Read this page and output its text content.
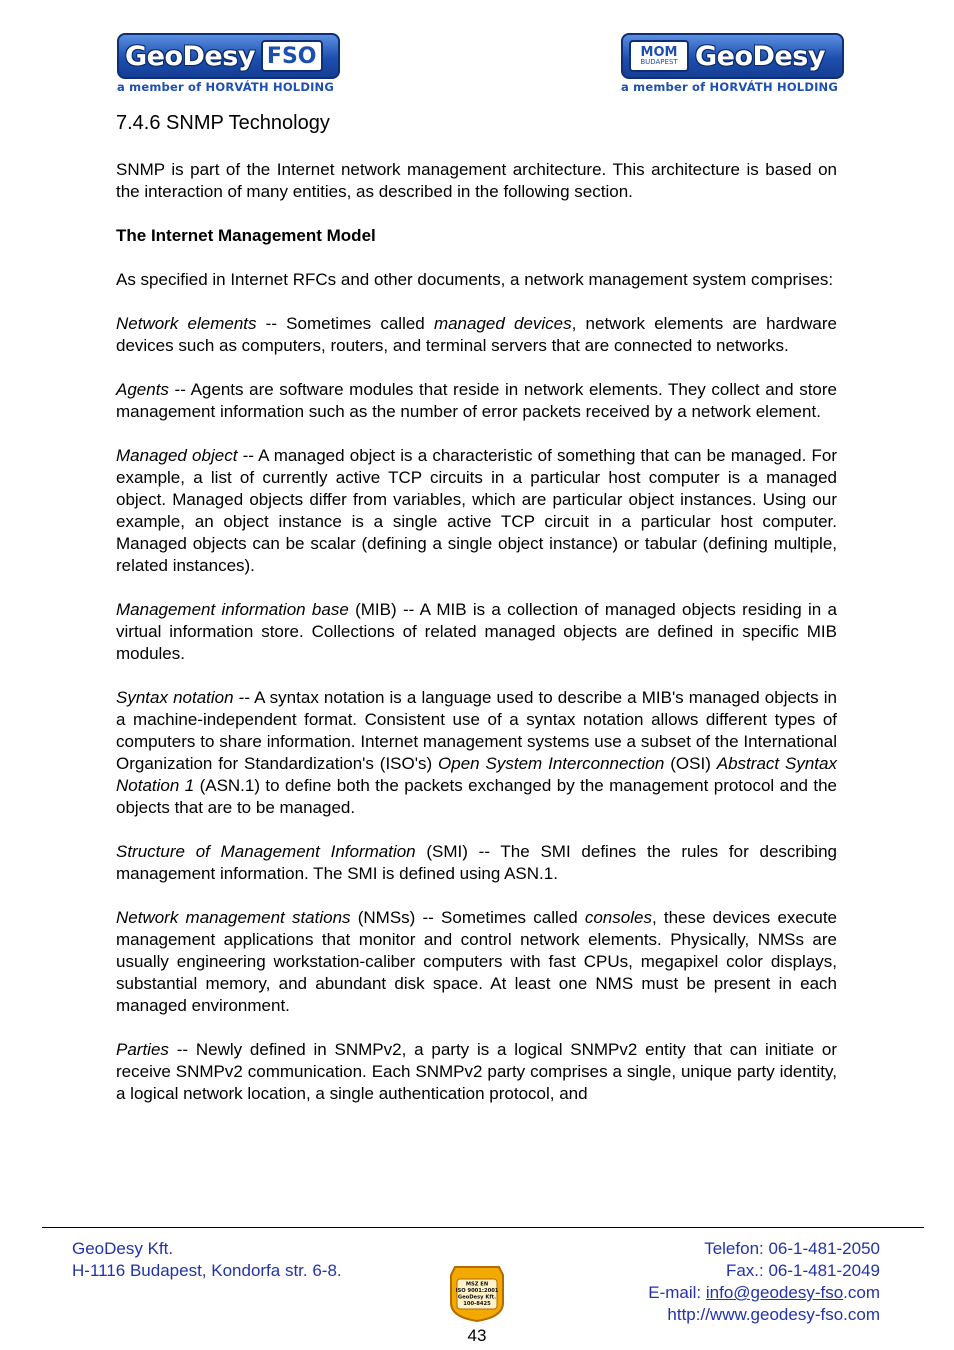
GeoDesy FSO
a member of HORVÁTH HOLDING
MOM
BUDAPEST GeoDesy
a member of HORVÁTH HOLDING
7.4.6 SNMP Technology

SNMP is part of the Internet network management architecture. This architecture is based on the interaction of many entities, as described in the following section.

The Internet Management Model

As specified in Internet RFCs and other documents, a network management system comprises:

Network elements -- Sometimes called managed devices, network elements are hardware devices such as computers, routers, and terminal servers that are connected to networks.

Agents -- Agents are software modules that reside in network elements. They collect and store management information such as the number of error packets received by a network element.

Managed object -- A managed object is a characteristic of something that can be managed. For example, a list of currently active TCP circuits in a particular host computer is a managed object. Managed objects differ from variables, which are particular object instances. Using our example, an object instance is a single active TCP circuit in a particular host computer. Managed objects can be scalar (defining a single object instance) or tabular (defining multiple, related instances).

Management information base (MIB) -- A MIB is a collection of managed objects residing in a virtual information store. Collections of related managed objects are defined in specific MIB modules.

Syntax notation -- A syntax notation is a language used to describe a MIB's managed objects in a machine-independent format. Consistent use of a syntax notation allows different types of computers to share information. Internet management systems use a subset of the International Organization for Standardization's (ISO's) Open System Interconnection (OSI) Abstract Syntax Notation 1 (ASN.1) to define both the packets exchanged by the management protocol and the objects that are to be managed.

Structure of Management Information (SMI) -- The SMI defines the rules for describing management information. The SMI is defined using ASN.1.

Network management stations (NMSs) -- Sometimes called consoles, these devices execute management applications that monitor and control network elements. Physically, NMSs are usually engineering workstation-caliber computers with fast CPUs, megapixel color displays, substantial memory, and abundant disk space. At least one NMS must be present in each managed environment.

Parties -- Newly defined in SNMPv2, a party is a logical SNMPv2 entity that can initiate or receive SNMPv2 communication. Each SNMPv2 party comprises a single, unique party identity, a logical network location, a single authentication protocol, and

GeoDesy Kft.
H-1116 Budapest, Kondorfa str. 6-8.
Telefon: 06-1-481-2050
Fax.: 06-1-481-2049
E-mail: info@geodesy-fso.com
http://www.geodesy-fso.com
MSZ EN
ISO 9001:2001
GeoDesy Kft.
100-8425
43
